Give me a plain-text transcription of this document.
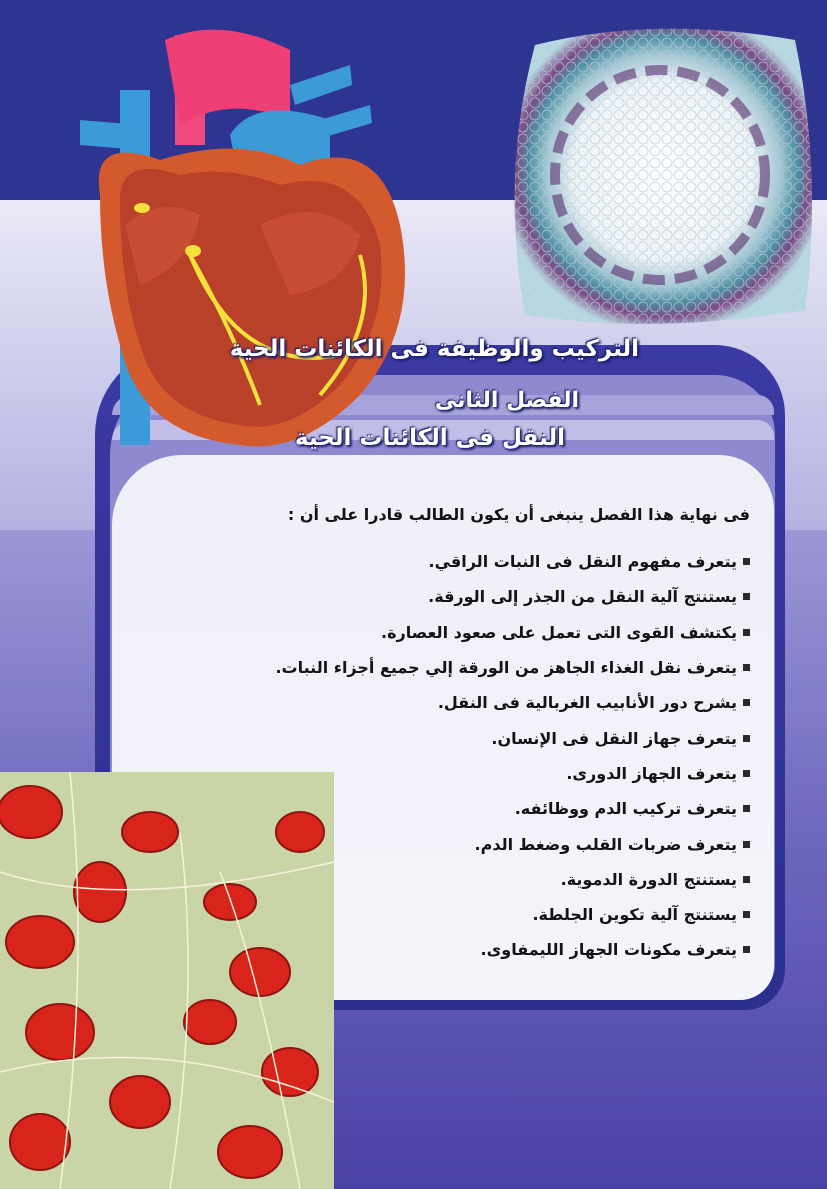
التركيب والوظيفة فى الكائنات الحية
الفصل الثانى
النقل فى الكائنات الحية
فى نهاية هذا الفصل ينبغى أن يكون الطالب قادرا على أن :
يتعرف مفهوم النقل فى النبات الراقي.
يستنتج آلية النقل من الجذر إلى الورقة.
يكتشف القوى التى تعمل على صعود العصارة.
يتعرف نقل الغذاء الجاهز من الورقة إلي جميع أجزاء النبات.
يشرح دور الأنابيب الغربالية فى النقل.
يتعرف جهاز النقل فى الإنسان.
يتعرف الجهاز الدورى.
يتعرف تركيب الدم ووظائفه.
يتعرف ضربات القلب وضغط الدم.
يستنتج الدورة الدموية.
يستنتج آلية تكوين الجلطة.
يتعرف مكونات الجهاز الليمفاوى.
